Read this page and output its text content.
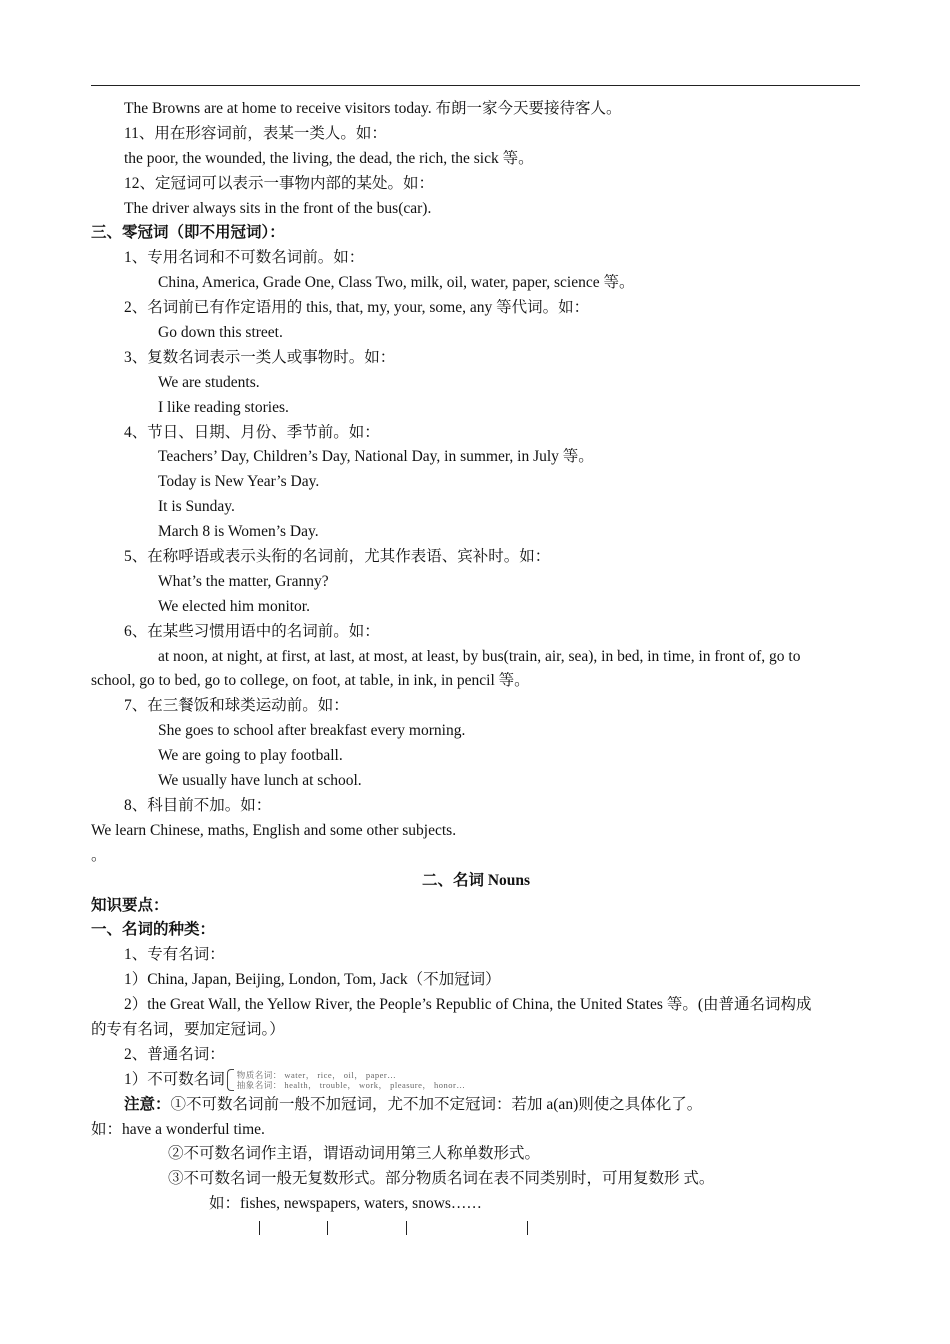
The Browns are at home to receive visitors today. 布朗一家今天要接待客人。
11、用在形容词前，表某一类人。如：
the poor, the wounded, the living, the dead, the rich, the sick 等。
12、定冠词可以表示一事物内部的某处。如：
The driver always sits in the front of the bus(car).
三、零冠词（即不用冠词）：
1、专用名词和不可数名词前。如：
China, America, Grade One, Class Two, milk, oil, water, paper, science 等。
2、名词前已有作定语用的 this, that, my, your, some, any 等代词。如：
Go down this street.
3、复数名词表示一类人或事物时。如：
We are students.
I like reading stories.
4、节日、日期、月份、季节前。如：
Teachers’ Day, Children’s Day, National Day, in summer, in July 等。
Today is New Year’s Day.
It is Sunday.
March 8 is Women’s Day.
5、在称呼语或表示头衔的名词前，尤其作表语、宾补时。如：
What’s the matter, Granny?
We elected him monitor.
6、在某些习惯用语中的名词前。如：
at noon, at night, at first, at last, at most, at least, by bus(train, air, sea), in bed, in time, in front of, go to
school, go to bed, go to college, on foot, at table, in ink, in pencil 等。
7、在三餐饭和球类运动前。如：
She goes to school after breakfast every morning.
We are going to play football.
We usually have lunch at school.
8、科目前不加。如：
We learn Chinese, maths, English and some other subjects.
。
二、名词 Nouns
知识要点：
一、名词的种类：
1、专有名词：
1）China, Japan, Beijing, London, Tom, Jack（不加冠词）
2）the Great Wall, the Yellow River, the People’s Republic of China, the United States 等。(由普通名词构成
的专有名词，要加定冠词。）
2、普通名词：
1）不可数名词 物质名词： water， rice， oil， paper…
抽象名词： health， trouble， work， pleasure， honor…
注意：①不可数名词前一般不加冠词，尤不加不定冠词：若加 a(an)则使之具体化了。
如：have a wonderful time.
②不可数名词作主语，谓语动词用第三人称单数形式。
③不可数名词一般无复数形式。部分物质名词在表不同类别时，可用复数形 式。
如：fishes, newspapers, waters, snows……
